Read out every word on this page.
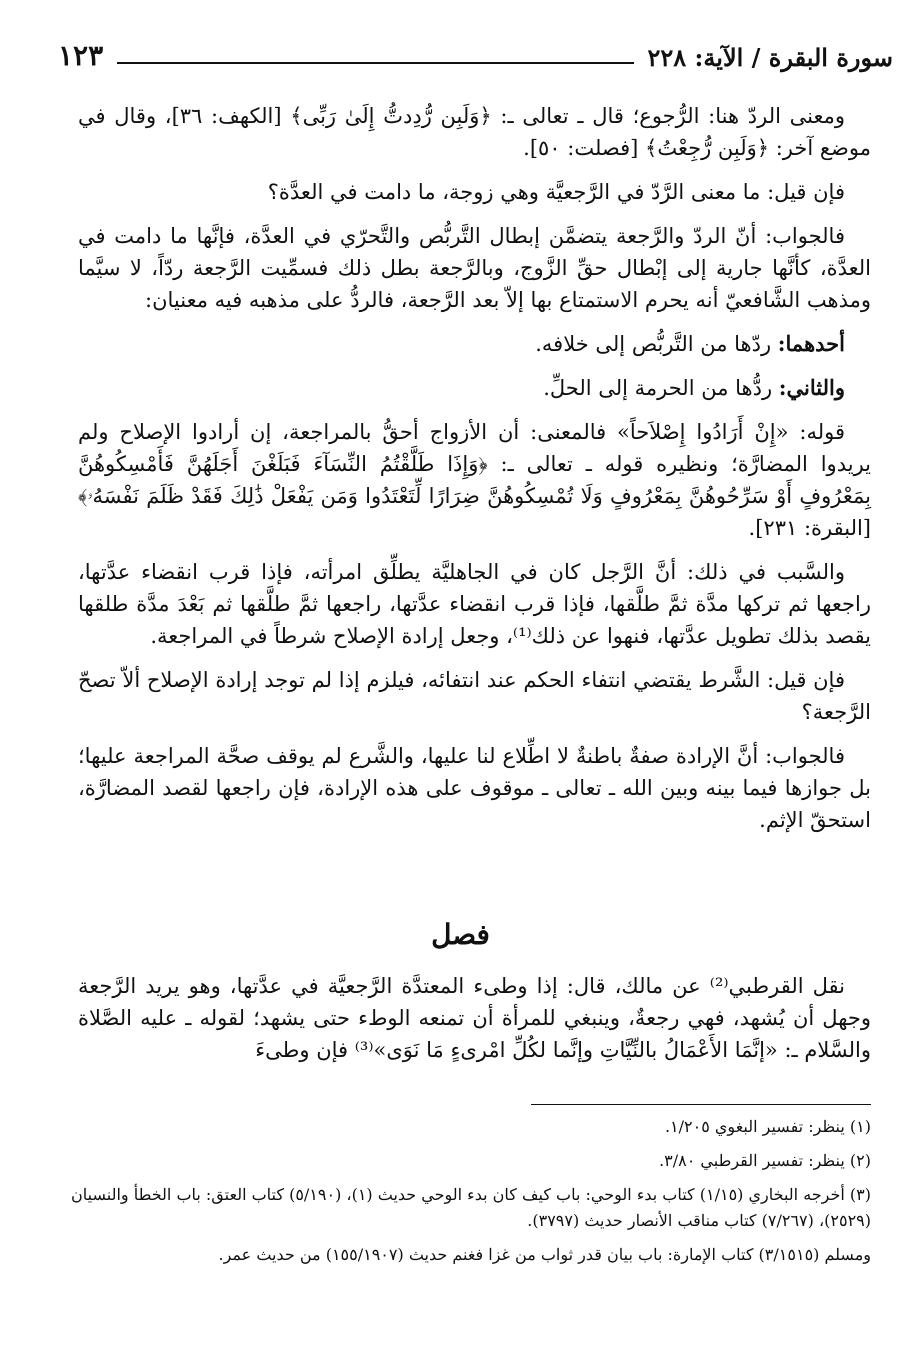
سورة البقرة / الآية: ٢٢٨
١٢٣

ومعنى الردّ هنا: الرُّجوع؛ قال ـ تعالى ـ: ﴿وَلَبِن رُّدِدتُّ إِلَىٰ رَبِّى﴾ [الكهف: ٣٦]، وقال في موضع آخر: ﴿وَلَبِن رُّجِعْتُ﴾ [فصلت: ٥٠].

فإن قيل: ما معنى الرَّدّ في الرَّجعيَّة وهي زوجة، ما دامت في العدَّة؟

فالجواب: أنّ الردّ والرَّجعة يتضمَّن إبطال التَّربُّص والتَّحرّي في العدَّة، فإنَّها ما دامت في العدَّة، كأنَّها جارية إلى إبْطال حقِّ الزَّوج، وبالرَّجعة بطل ذلك فسمِّيت الرَّجعة ردّاً، لا سيَّما ومذهب الشَّافعيّ أنه يحرم الاستمتاع بها إلاّ بعد الرَّجعة، فالردُّ على مذهبه فيه معنيان:

أحدهما: ردّها من التَّربُّص إلى خلافه.

والثاني: ردُّها من الحرمة إلى الحلِّ.

قوله: «إِنْ أَرَادُوا إِصْلاَحاً» فالمعنى: أن الأزواج أحقُّ بالمراجعة، إن أرادوا الإصلاح ولم يريدوا المضارَّة؛ ونظيره قوله ـ تعالى ـ: ﴿وَإِذَا طَلَّقْتُمُ النِّسَآءَ فَبَلَغْنَ أَجَلَهُنَّ فَأَمْسِكُوهُنَّ بِمَعْرُوفٍ أَوْ سَرِّحُوهُنَّ بِمَعْرُوفٍ وَلَا تُمْسِكُوهُنَّ ضِرَارًا لِّتَعْتَدُوا وَمَن يَفْعَلْ ذَٰلِكَ فَقَدْ ظَلَمَ نَفْسَهُۥ﴾ [البقرة: ٢٣١].

والسَّبب في ذلك: أنَّ الرَّجل كان في الجاهليَّة يطلِّق امرأته، فإذا قرب انقضاء عدَّتها، راجعها ثم تركها مدَّة ثمَّ طلَّقها، فإذا قرب انقضاء عدَّتها، راجعها ثمَّ طلَّقها ثم بَعْدَ مدَّة طلقها يقصد بذلك تطويل عدَّتها، فنهوا عن ذلك⁽¹⁾، وجعل إرادة الإصلاح شرطاً في المراجعة.

فإن قيل: الشَّرط يقتضي انتفاء الحكم عند انتفائه، فيلزم إذا لم توجد إرادة الإصلاح ألاّ تصحّ الرَّجعة؟

فالجواب: أنَّ الإرادة صفةٌ باطنةٌ لا اطِّلاع لنا عليها، والشَّرع لم يوقف صحَّة المراجعة عليها؛ بل جوازها فيما بينه وبين الله ـ تعالى ـ موقوف على هذه الإرادة، فإن راجعها لقصد المضارَّة، استحقّ الإثم.

فصل

نقل القرطبي⁽²⁾ عن مالك، قال: إذا وطىء المعتدَّة الرَّجعيَّة في عدَّتها، وهو يريد الرَّجعة وجهل أن يُشهد، فهي رجعةٌ، وينبغي للمرأة أن تمنعه الوطء حتى يشهد؛ لقوله ـ عليه الصَّلاة والسَّلام ـ: «إنَّمَا الأَعْمَالُ بالنِّيَّاتِ وإنَّما لكُلِّ امْرىءٍ مَا نَوَى»⁽³⁾ فإن وطىءَ

(١) ينظر: تفسير البغوي ١/٢٠٥.
(٢) ينظر: تفسير القرطبي ٣/٨٠.
(٣) أخرجه البخاري (١/١٥) كتاب بدء الوحي: باب كيف كان بدء الوحي حديث (١)، (٥/١٩٠) كتاب العتق: باب الخطأ والنسيان (٢٥٢٩)، (٧/٢٦٧) كتاب مناقب الأنصار حديث (٣٧٩٧).
ومسلم (٣/١٥١٥) كتاب الإمارة: باب بيان قدر ثواب من غزا فغنم حديث (١٥٥/١٩٠٧) من حديث عمر.
